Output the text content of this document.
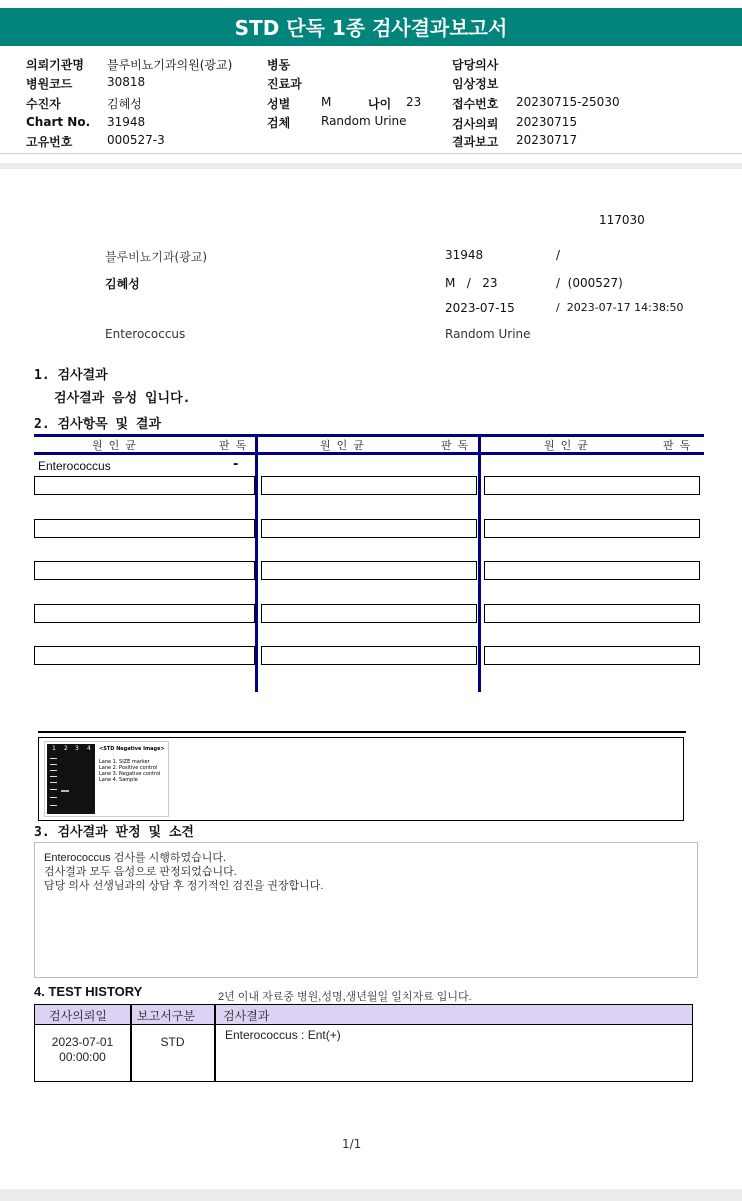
STD 단독 1종 검사결과보고서
의뢰기관명 블루비뇨기과의원(광교)
병원코드	30818
수진자	김혜성
Chart No. 31948
고유번호	000527-3
병동
진료과
성별	M	나이 23
검체	Random Urine
담당의사
임상정보
접수번호 20230715-25030
검사의뢰 20230715
결과보고 20230717
117030
블루비뇨기과(광교)	31948	/
김혜성	M   /   23	/  (000527)
2023-07-15	/  2023-07-17 14:38:50
Enterococcus	Random Urine
1. 검사결과
검사결과 음성 입니다.
2. 검사항목 및 결과
원인균	판독	원인균	판독	원인균	판독
Enterococcus	-
1 2 3 4 <STD Negative Image>
Lane 1. SIZE marker
Lane 2. Positive control
Lane 3. Negative control
Lane 4. Sample
3. 검사결과 판정 및 소견
Enterococcus 검사를 시행하였습니다.
검사결과 모두 음성으로 판정되었습니다.
담당 의사 선생님과의 상담 후 정기적인 검진을 권장합니다.
4. TEST HISTORY	2년 이내 자료중 병원,성명,생년월일 일치자료 입니다.
검사의뢰일	보고서구분 검사결과
2023-07-01
00:00:00
STD	Enterococcus : Ent(+)
1/1
